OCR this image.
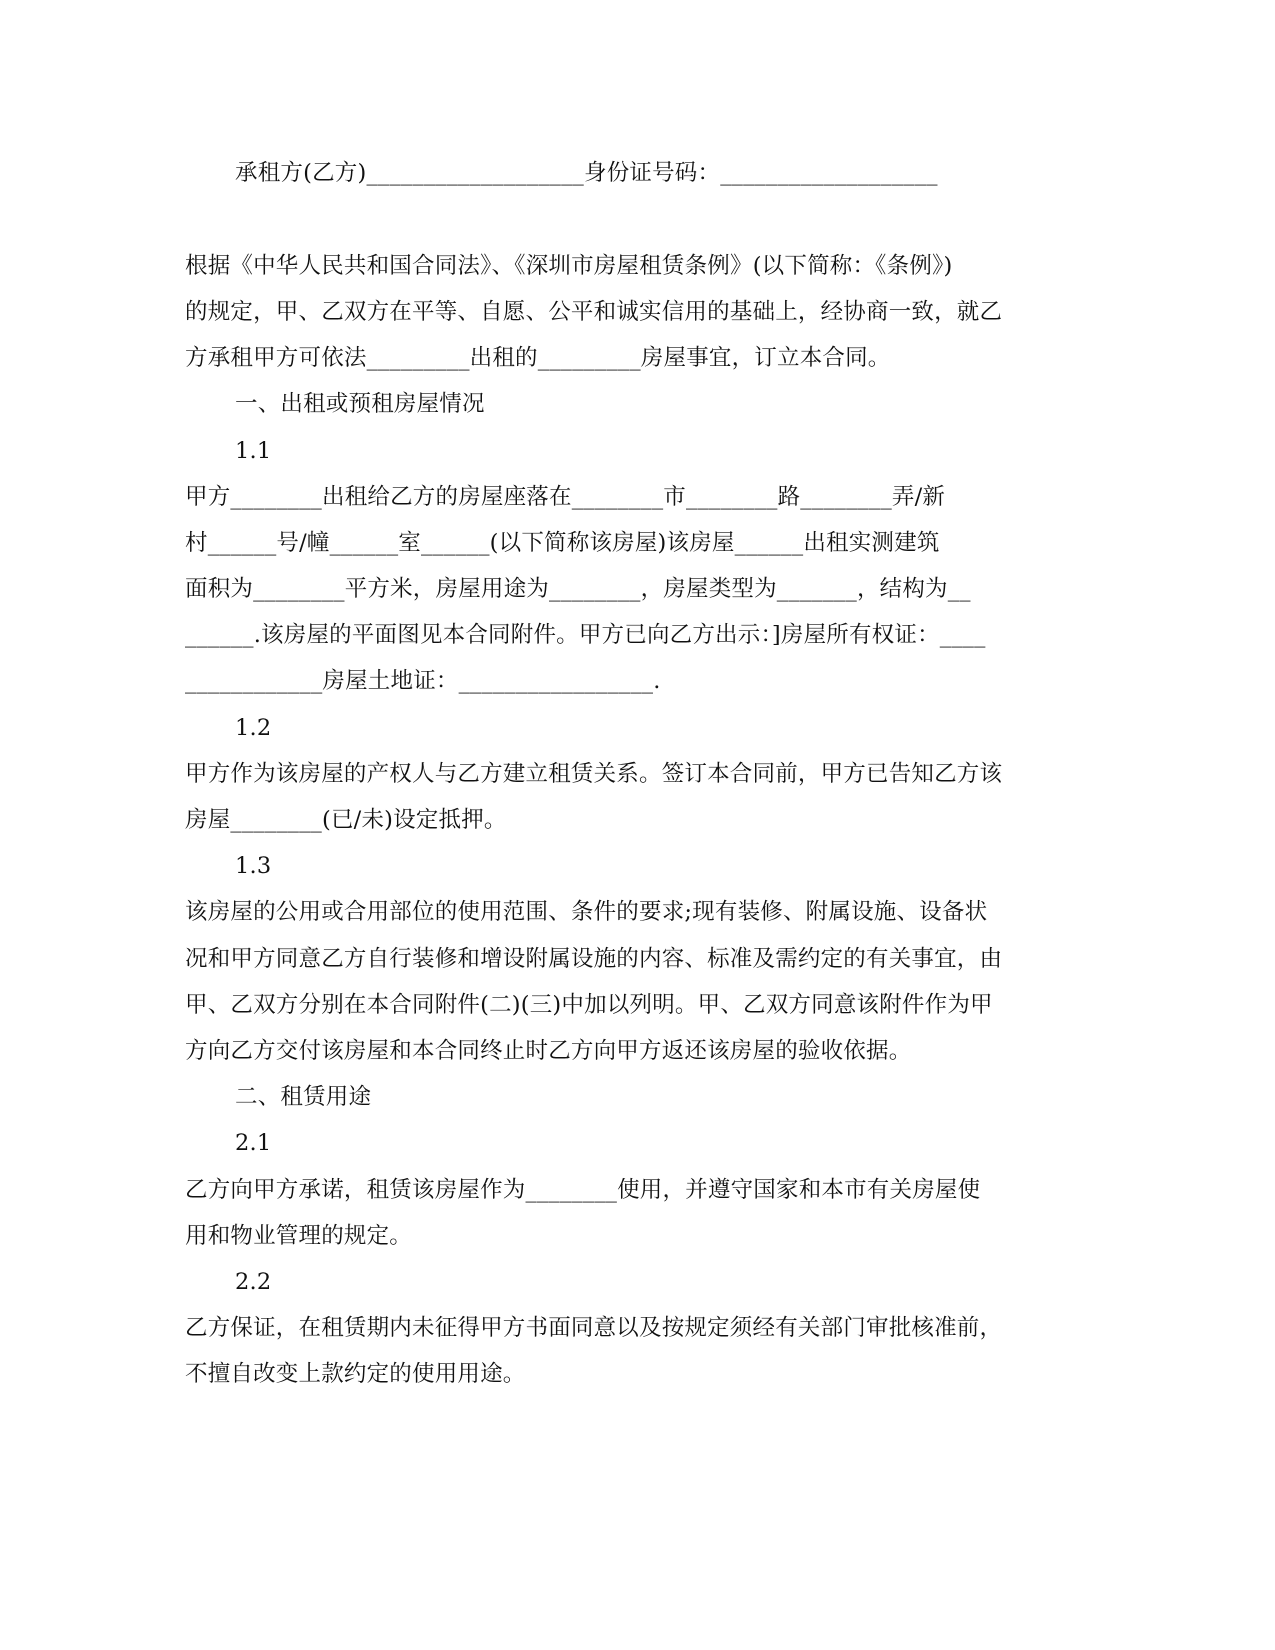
承租方(乙方)___________________身份证号码：___________________
根据《中华人民共和国合同法》、《深圳市房屋租赁条例》(以下简称：《条例》)
的规定，甲、乙双方在平等、自愿、公平和诚实信用的基础上，经协商一致，就乙
方承租甲方可依法_________出租的_________房屋事宜，订立本合同。
一、出租或预租房屋情况
1.1
甲方________出租给乙方的房屋座落在________市________路________弄/新
村______号/幢______室______(以下简称该房屋)该房屋______出租实测建筑
面积为________平方米，房屋用途为________，房屋类型为_______，结构为__
______.该房屋的平面图见本合同附件。甲方已向乙方出示：]房屋所有权证：____
____________房屋土地证：_________________.
1.2
甲方作为该房屋的产权人与乙方建立租赁关系。签订本合同前，甲方已告知乙方该
房屋________(已/未)设定抵押。
1.3
该房屋的公用或合用部位的使用范围、条件的要求;现有装修、附属设施、设备状
况和甲方同意乙方自行装修和增设附属设施的内容、标准及需约定的有关事宜，由
甲、乙双方分别在本合同附件(二)(三)中加以列明。甲、乙双方同意该附件作为甲
方向乙方交付该房屋和本合同终止时乙方向甲方返还该房屋的验收依据。
二、租赁用途
2.1
乙方向甲方承诺，租赁该房屋作为________使用，并遵守国家和本市有关房屋使
用和物业管理的规定。
2.2
乙方保证，在租赁期内未征得甲方书面同意以及按规定须经有关部门审批核准前，
不擅自改变上款约定的使用用途。
